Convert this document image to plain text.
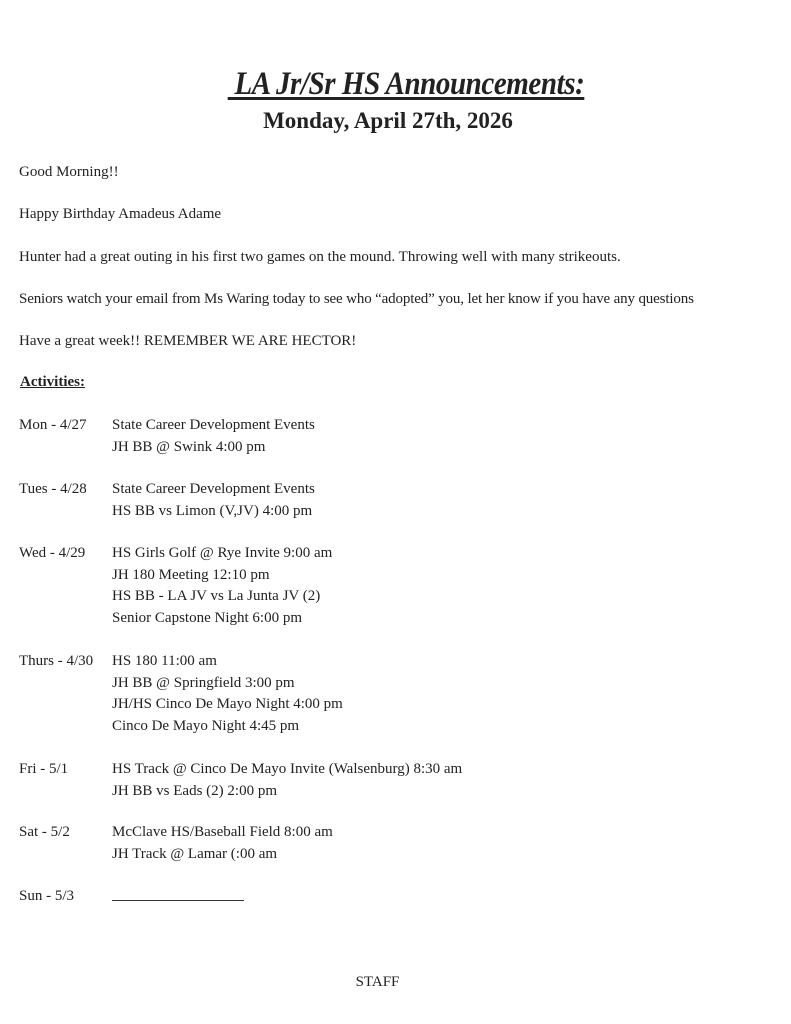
LA Jr/Sr HS Announcements:
Monday, April 27th, 2026
Good Morning!!
Happy Birthday Amadeus Adame
Hunter had a great outing in his first two games on the mound. Throwing well with many strikeouts.
Seniors watch your email from Ms Waring today to see who “adopted” you, let her know if you have any questions
Have a great week!! REMEMBER WE ARE HECTOR!
Activities:
Mon - 4/27 State Career Development Events
JH BB @ Swink 4:00 pm
Tues - 4/28 State Career Development Events
HS BB vs Limon (V,JV) 4:00 pm
Wed - 4/29 HS Girls Golf @ Rye Invite 9:00 am
JH 180 Meeting 12:10 pm
HS BB - LA JV vs La Junta JV (2)
Senior Capstone Night 6:00 pm
Thurs - 4/30 HS 180 11:00 am
JH BB @ Springfield 3:00 pm
JH/HS Cinco De Mayo Night 4:00 pm
Cinco De Mayo Night 4:45 pm
Fri - 5/1	HS Track @ Cinco De Mayo Invite (Walsenburg) 8:30 am
JH BB vs Eads (2) 2:00 pm
Sat - 5/2	McClave HS/Baseball Field 8:00 am
JH Track @ Lamar (:00 am
Sun - 5/3
STAFF
